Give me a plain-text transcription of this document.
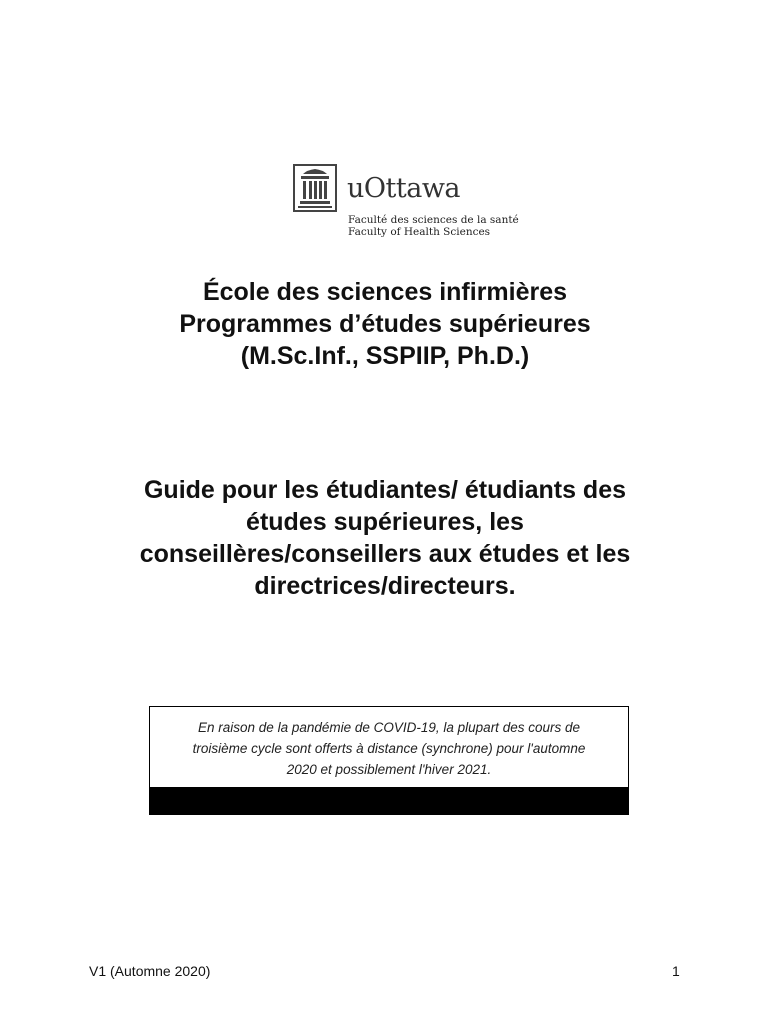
uOttawa
Faculté des sciences de la santé
Faculty of Health Sciences
École des sciences infirmières
Programmes d’études supérieures
(M.Sc.Inf., SSPIIP, Ph.D.)
Guide pour les étudiantes/ étudiants des
études supérieures, les
conseillères/conseillers aux études et les
directrices/directeurs.
En raison de la pandémie de COVID-19, la plupart des cours de
troisième cycle sont offerts à distance (synchrone) pour l'automne
2020 et possiblement l'hiver 2021.
V1 (Automne 2020)	1
